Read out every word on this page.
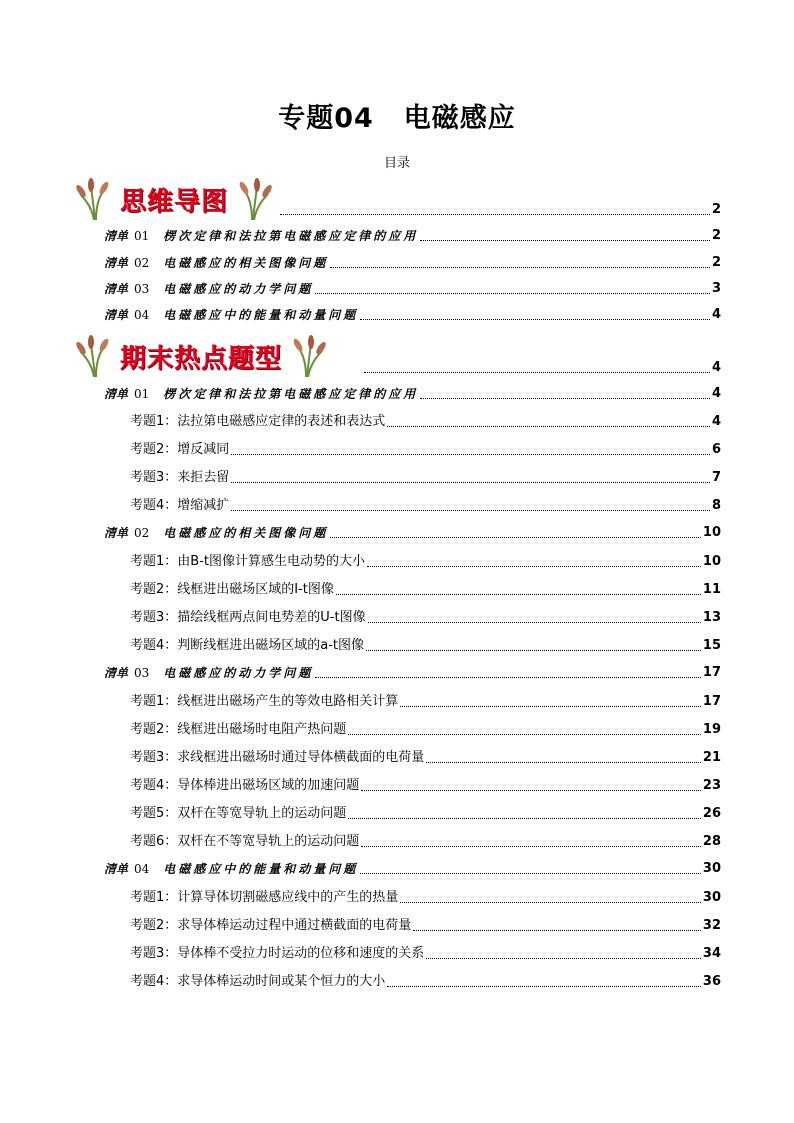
专题04 电磁感应
目录
思维导图	2
清单 01 楞次定律和法拉第电磁感应定律的应用	2
清单 02 电磁感应的相关图像问题	2
清单 03 电磁感应的动力学问题	3
清单 04 电磁感应中的能量和动量问题	4
期末热点题型	4
清单 01 楞次定律和法拉第电磁感应定律的应用	4
考题1：法拉第电磁感应定律的表述和表达式	4
考题2：增反减同	6
考题3：来拒去留	7
考题4：增缩减扩	8
清单 02 电磁感应的相关图像问题	10
考题1：由B-t图像计算感生电动势的大小	10
考题2：线框进出磁场区域的I-t图像	11
考题3：描绘线框两点间电势差的U-t图像	13
考题4：判断线框进出磁场区域的a-t图像	15
清单 03 电磁感应的动力学问题	17
考题1：线框进出磁场产生的等效电路相关计算	17
考题2：线框进出磁场时电阻产热问题	19
考题3：求线框进出磁场时通过导体横截面的电荷量	21
考题4：导体棒进出磁场区域的加速问题	23
考题5：双杆在等宽导轨上的运动问题	26
考题6：双杆在不等宽导轨上的运动问题	28
清单 04 电磁感应中的能量和动量问题	30
考题1：计算导体切割磁感应线中的产生的热量	30
考题2：求导体棒运动过程中通过横截面的电荷量	32
考题3：导体棒不受拉力时运动的位移和速度的关系	34
考题4：求导体棒运动时间或某个恒力的大小	36
